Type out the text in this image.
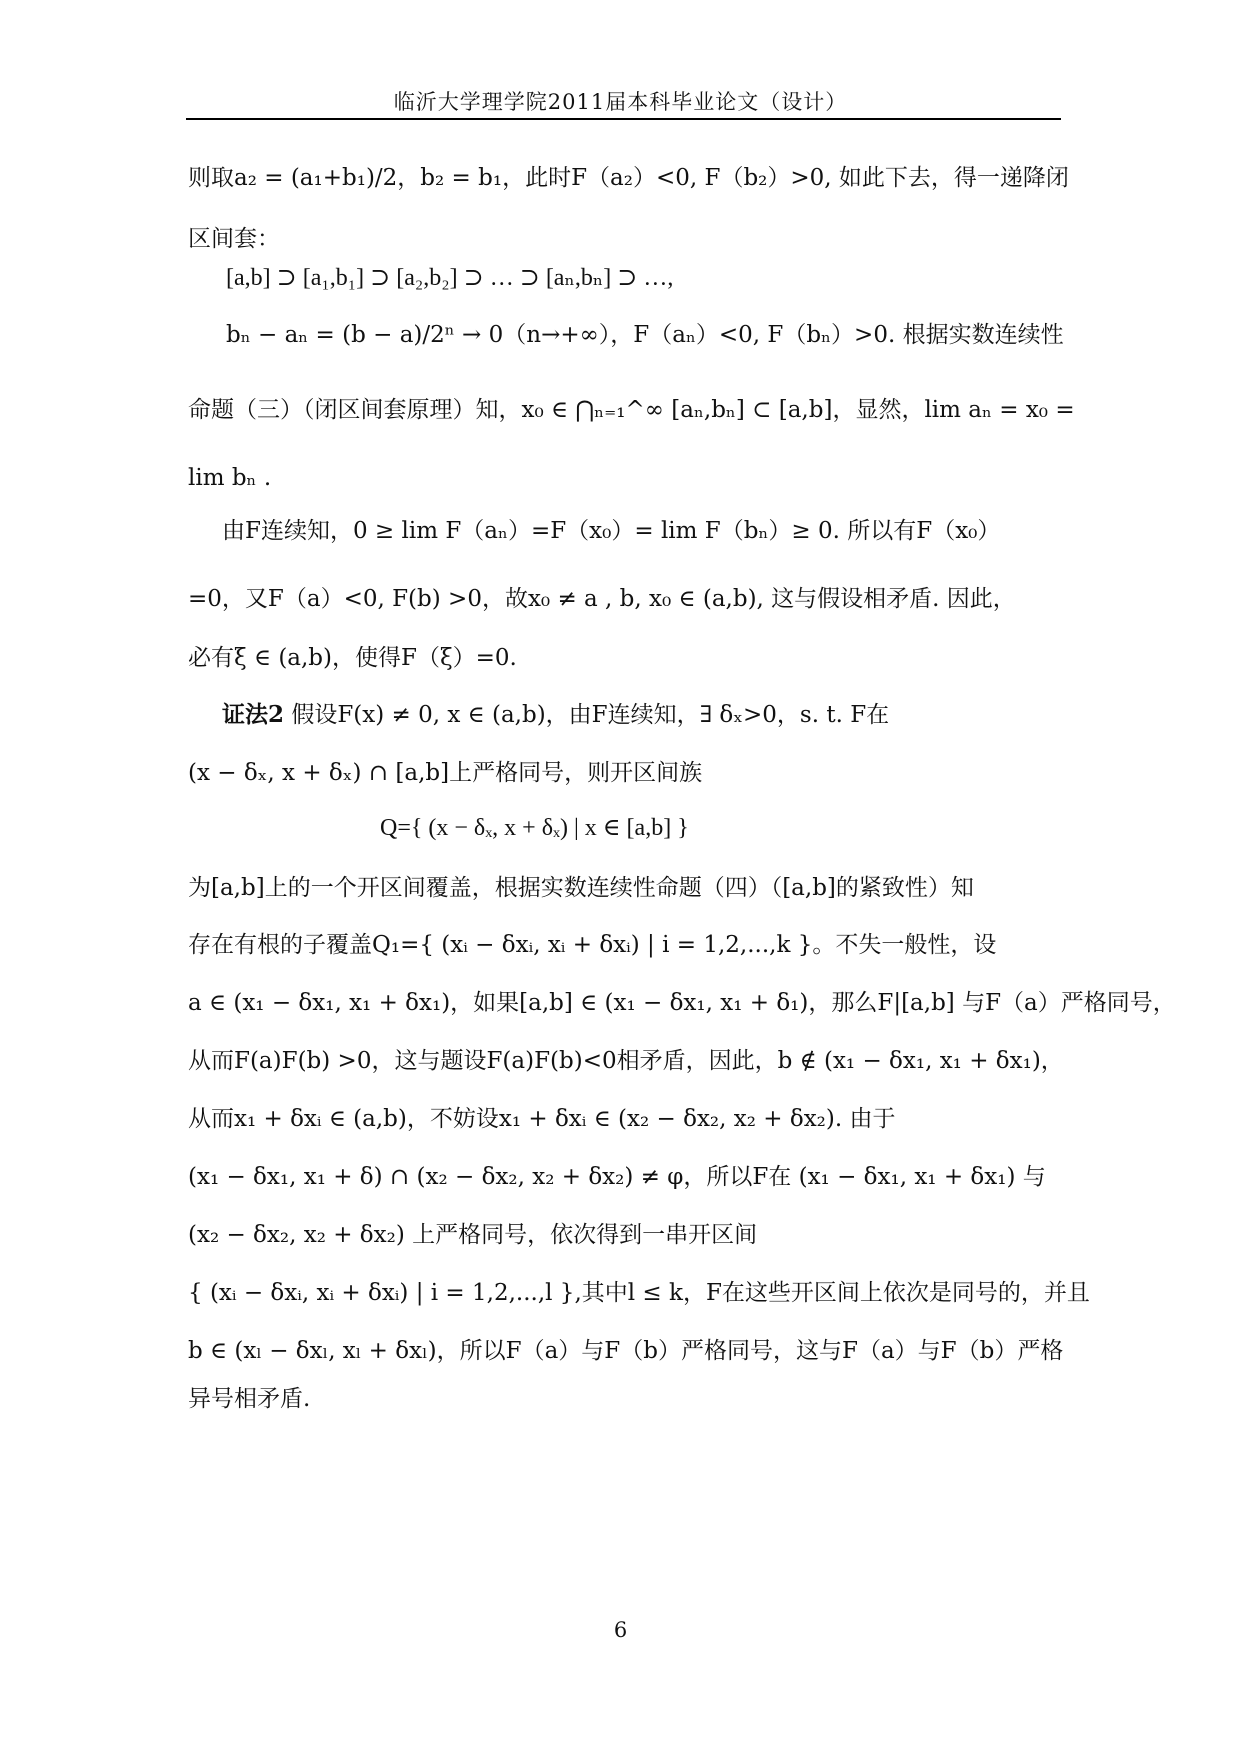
临沂大学理学院2011届本科毕业论文（设计）
则取a₂ = (a₁+b₁)/2，b₂ = b₁，此时F（a₂）<0, F（b₂）>0, 如此下去，得一递降闭
区间套：
[a,b] ⊃ [a₁,b₁] ⊃ [a₂,b₂] ⊃ … ⊃ [aₙ,bₙ] ⊃ …,
bₙ − aₙ = (b − a)/2ⁿ → 0（n→+∞），F（aₙ）<0, F（bₙ）>0. 根据实数连续性
命题（三）（闭区间套原理）知，x₀ ∈ ⋂ₙ₌₁^∞ [aₙ,bₙ] ⊂ [a,b]，显然，lim aₙ = x₀ =
lim bₙ .
由F连续知，0 ≥ lim F（aₙ）=F（x₀）= lim F（bₙ）≥ 0. 所以有F（x₀）
=0，又F（a）<0, F(b) >0，故x₀ ≠ a , b, x₀ ∈ (a,b), 这与假设相矛盾. 因此，
必有ξ ∈ (a,b)，使得F（ξ）=0.
证法2 假设F(x) ≠ 0, x ∈ (a,b)，由F连续知，∃ δₓ>0，s. t. F在
(x − δₓ, x + δₓ) ∩ [a,b]上严格同号，则开区间族
Q={ (x − δₓ, x + δₓ) | x ∈ [a,b] }
为[a,b]上的一个开区间覆盖，根据实数连续性命题（四）（[a,b]的紧致性）知
存在有根的子覆盖Q₁={ (xᵢ − δxᵢ, xᵢ + δxᵢ) | i = 1,2,...,k }。不失一般性，设
a ∈ (x₁ − δx₁, x₁ + δx₁)，如果[a,b] ∈ (x₁ − δx₁, x₁ + δ₁)，那么F|[a,b] 与F（a）严格同号，
从而F(a)F(b) >0，这与题设F(a)F(b)<0相矛盾，因此，b ∉ (x₁ − δx₁, x₁ + δx₁)，
从而x₁ + δxᵢ ∈ (a,b)，不妨设x₁ + δxᵢ ∈ (x₂ − δx₂, x₂ + δx₂). 由于
(x₁ − δx₁, x₁ + δ) ∩ (x₂ − δx₂, x₂ + δx₂) ≠ φ，所以F在 (x₁ − δx₁, x₁ + δx₁) 与
(x₂ − δx₂, x₂ + δx₂) 上严格同号，依次得到一串开区间
{ (xᵢ − δxᵢ, xᵢ + δxᵢ) | i = 1,2,...,l },其中l ≤ k，F在这些开区间上依次是同号的，并且
b ∈ (xₗ − δxₗ, xₗ + δxₗ)，所以F（a）与F（b）严格同号，这与F（a）与F（b）严格
异号相矛盾.
6
